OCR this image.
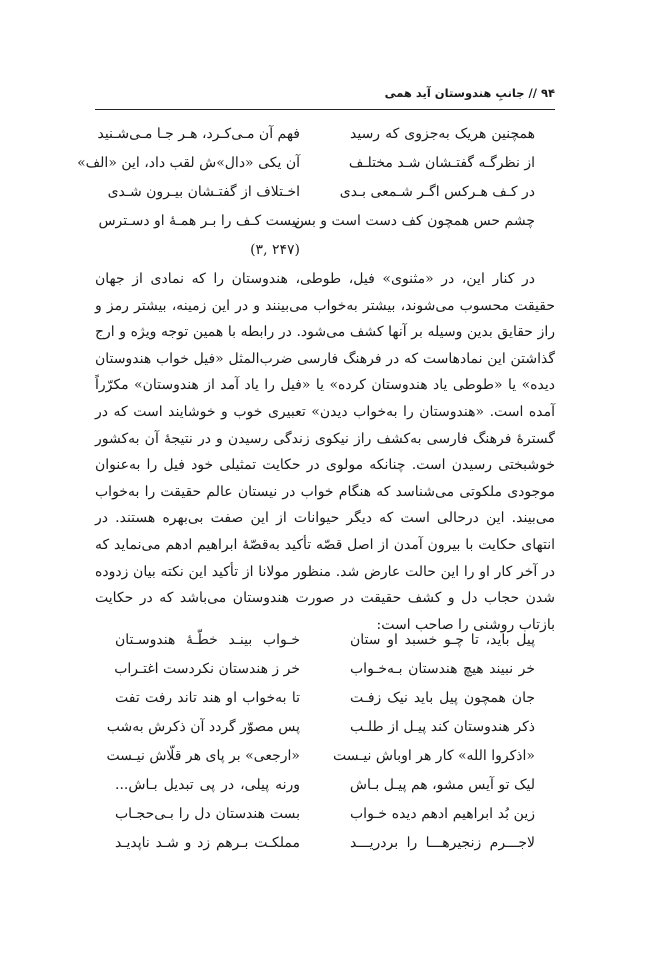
۹۴ // جانبِ هندوستان آید همی
همچنین هریک به‌جزوی که رسید
فهم آن مـی‌کـرد، هـر جـا مـی‌شـنید
از نظرگـه گفتـشان شـد مختلـف
آن یکی «دال»ش لقب داد، این «الف»
در کـف هـرکس اگـر شـمعی بـدی
اخـتلاف از گفتـشان بیـرون شـدی
چشم حس همچون کف دست است و بس
نیست کـف را بـر همـهٔ او دسـترس
(۲۴۷ ,۳)

در کنار این، در «مثنوی» فیل، طوطی، هندوستان را که نمادی از جهان حقیقت محسوب می‌شوند، بیشتر به‌خواب می‌بینند و در این زمینه، بیشتر رمز و راز حقایق بدین وسیله بر آنها کشف می‌شود. در رابطه با همین توجه ویژه و ارج گذاشتن این نمادهاست که در فرهنگ فارسی ضرب‌المثل «فیل خواب هندوستان دیده» یا «طوطی یاد هندوستان کرده» یا «فیل را یاد آمد از هندوستان» مکرّراً آمده است. «هندوستان را به‌خواب دیدن» تعبیری خوب و خوشایند است که در گسترهٔ فرهنگ فارسی به‌کشف راز نیکوی زندگی رسیدن و در نتیجهٔ آن به‌کشور خوشبختی رسیدن است. چنانکه مولوی در حکایت تمثیلی خود فیل را به‌عنوان موجودی ملکوتی می‌شناسد که هنگام خواب در نیستان عالم حقیقت را به‌خواب می‌بیند. این درحالی است که دیگر حیوانات از این صفت بی‌بهره هستند. در انتهای حکایت با بیرون آمدن از اصل قصّه تأکید به‌قصّهٔ ابراهیم ادهم می‌نماید که در آخر کار او را این حالت عارض شد. منظور مولانا از تأکید این نکته بیان زدوده شدن حجاب دل و کشف حقیقت در صورت هندوستان می‌باشد که در حکایت بازتاب روشنی را صاحب است:

پیل باید، تا چـو خسبد او ستان
خـواب بینـد خطّـهٔ هندوسـتان
خر نبیند هیچ هندستان بـه‌خـواب
خر ز هندستان نکردست اغتـراب
جان همچون پیل باید نیک زفـت
تا به‌خواب او هند تاند رفت تفت
ذکر هندوستان کند پیـل از طلـب
پس مصوّر گردد آن ذکرش به‌شب
«اذکروا الله» کار هر اوباش نیـست
«ارجعی» بر پای هر قلّاش نیـست
لیک تو آیس مشو، هم پیـل بـاش
ورنه پیلی، در پی تبدیل بـاش...
زین بُد ابراهیم ادهم دیده خـواب
بست هندستان دل را بـی‌حجـاب
لاجـــرم زنجیرهـــا را بردریـــد
مملکـت بـرهم زد و شـد ناپدیـد
